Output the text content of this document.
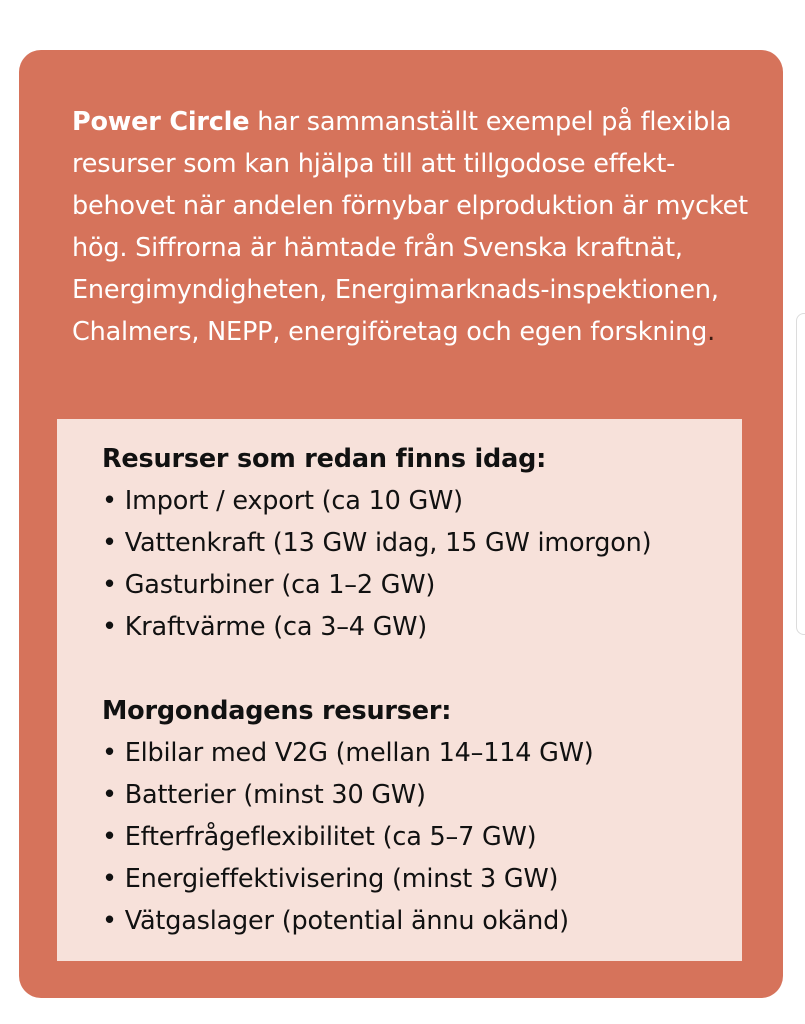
Power Circle har sammanställt exempel på flexibla resurser som kan hjälpa till att tillgodose effekt-behovet när andelen förnybar elproduktion är mycket hög. Siffrorna är hämtade från Svenska kraftnät, Energimyndigheten, Energimarknads-inspektionen, Chalmers, NEPP, energiföretag och egen forskning.

Resurser som redan finns idag:
• Import / export (ca 10 GW)
• Vattenkraft (13 GW idag, 15 GW imorgon)
• Gasturbiner (ca 1–2 GW)
• Kraftvärme (ca 3–4 GW)
Morgondagens resurser:
• Elbilar med V2G (mellan 14–114 GW)
• Batterier (minst 30 GW)
• Efterfrågeflexibilitet (ca 5–7 GW)
• Energieffektivisering (minst 3 GW)
• Vätgaslager (potential ännu okänd)
